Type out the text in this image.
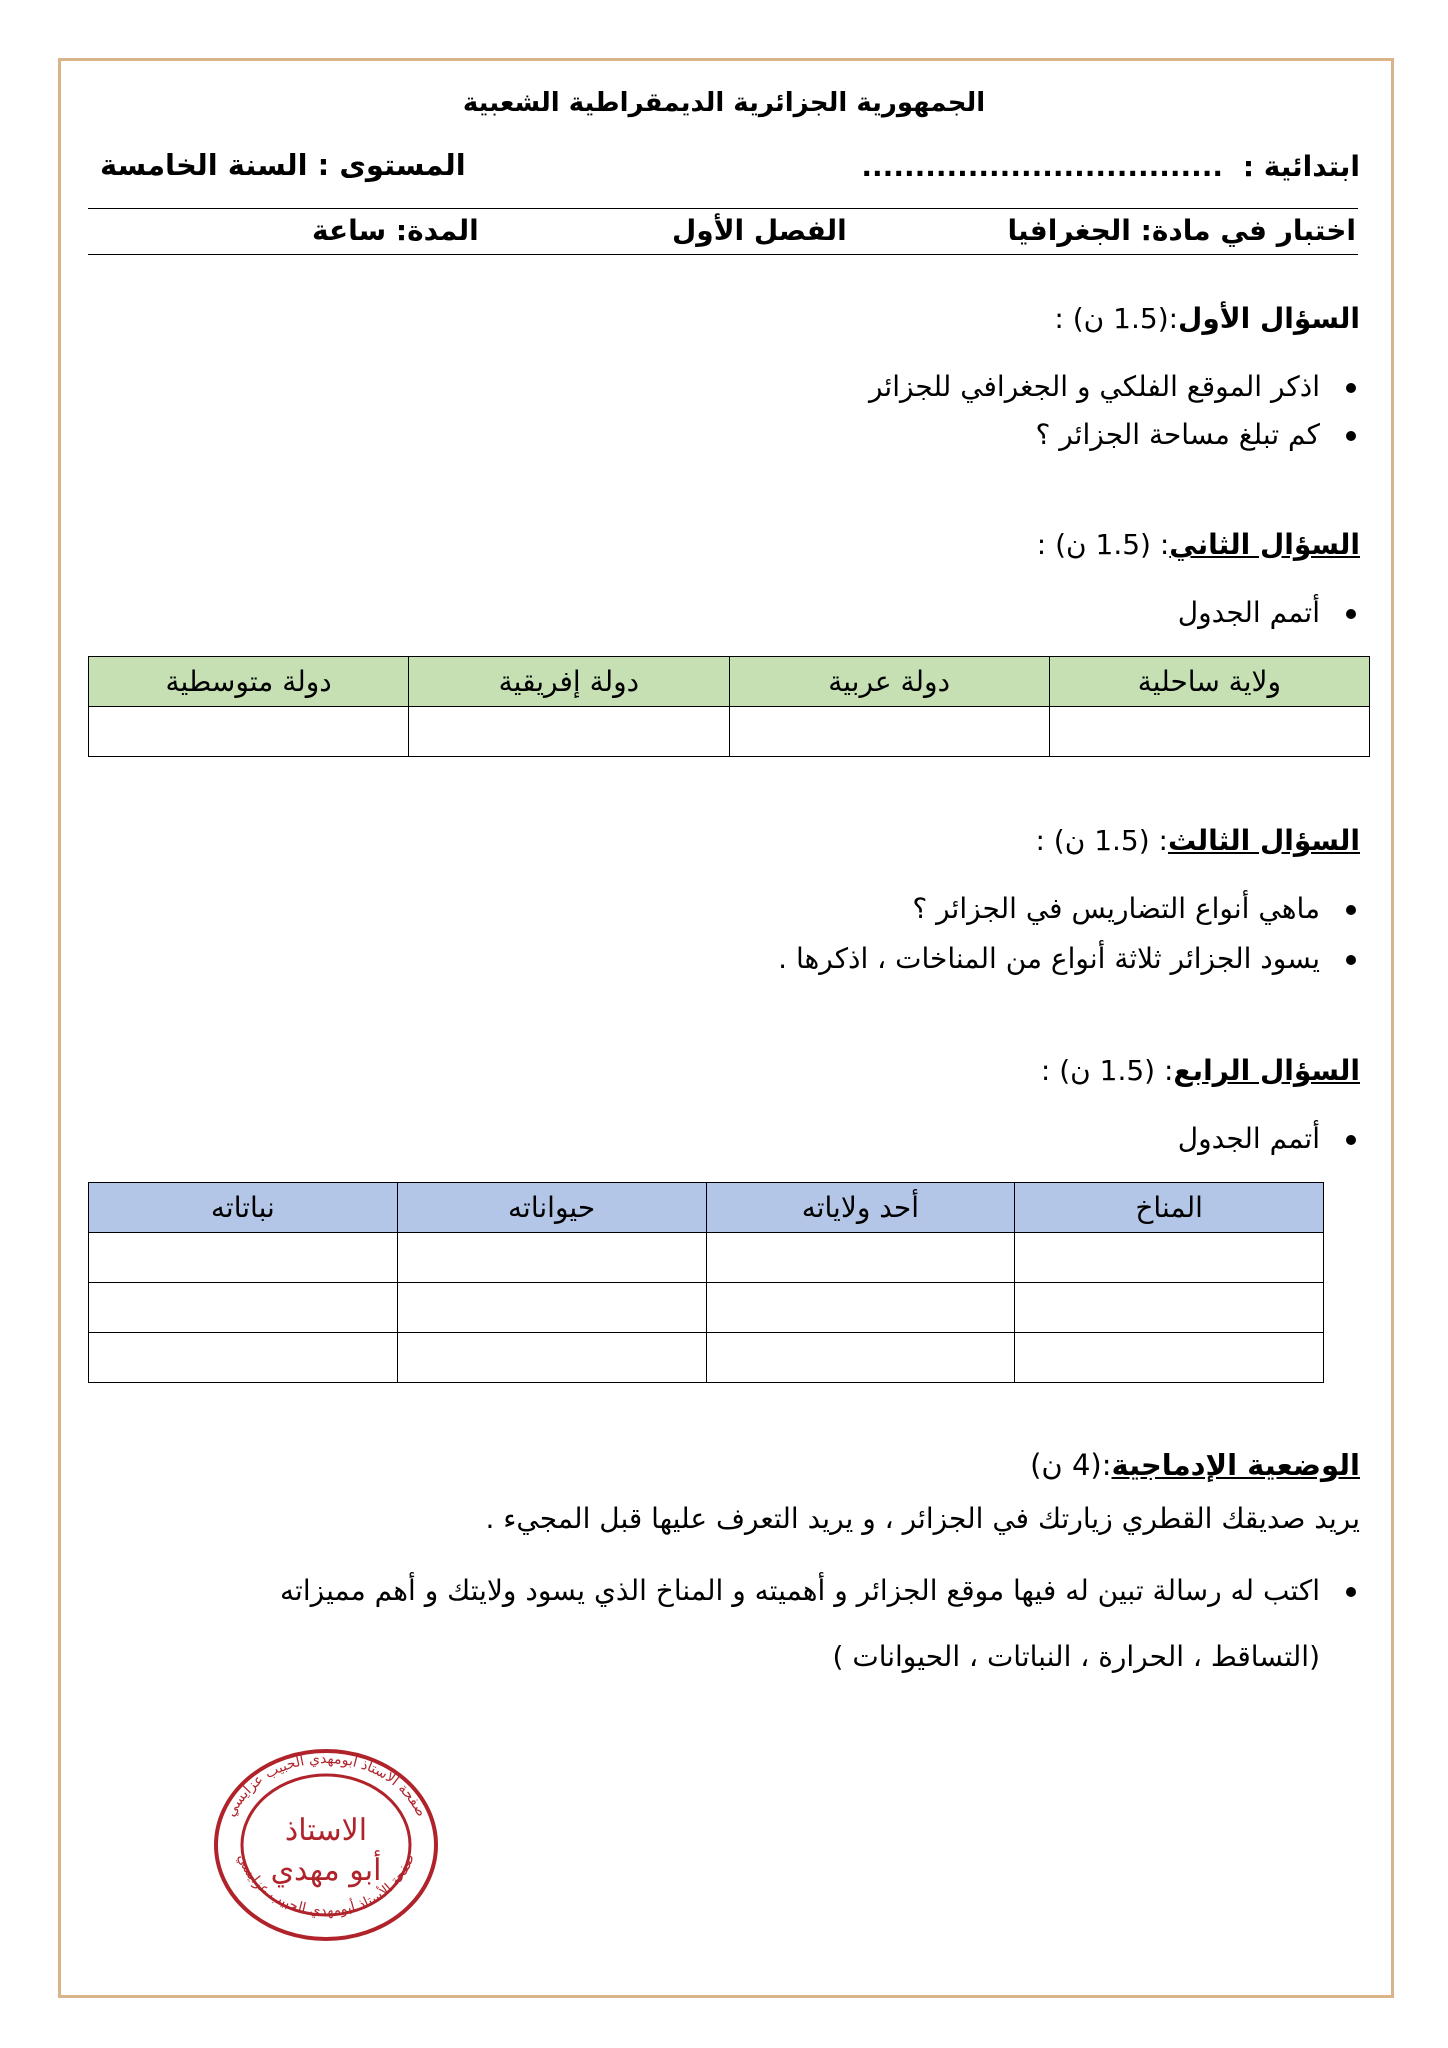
الجمهورية الجزائرية الديمقراطية الشعبية
ابتدائية : ..................................
المستوى : السنة الخامسة
اختبار في مادة: الجغرافيا
الفصل الأول
المدة: ساعة
السؤال الأول:(1.5 ن) :
اذكر الموقع الفلكي و الجغرافي للجزائر
كم تبلغ مساحة الجزائر ؟
السؤال الثاني: (1.5 ن) :
أتمم الجدول
ولاية ساحلية	دولة عربية	دولة إفريقية	دولة متوسطية

السؤال الثالث: (1.5 ن) :
ماهي أنواع التضاريس في الجزائر ؟
يسود الجزائر ثلاثة أنواع من المناخات ، اذكرها .
السؤال الرابع: (1.5 ن) :
أتمم الجدول
المناخ	أحد ولاياته	حيواناته	نباتاته

الوضعية الإدماجية:(4 ن)
يريد صديقك القطري زيارتك في الجزائر ، و يريد التعرف عليها قبل المجيء .
اكتب له رسالة تبين له فيها موقع الجزائر و أهميته و المناخ الذي يسود ولايتك و أهم مميزاته
(التساقط ، الحرارة ، النباتات ، الحيوانات )
صفحة الأستاذ أبومهدي الحبيب عزايسي
صفحة الأستاذ أبومهدي الحبيب عزايسي
الاستاذ
أبو مهدي
